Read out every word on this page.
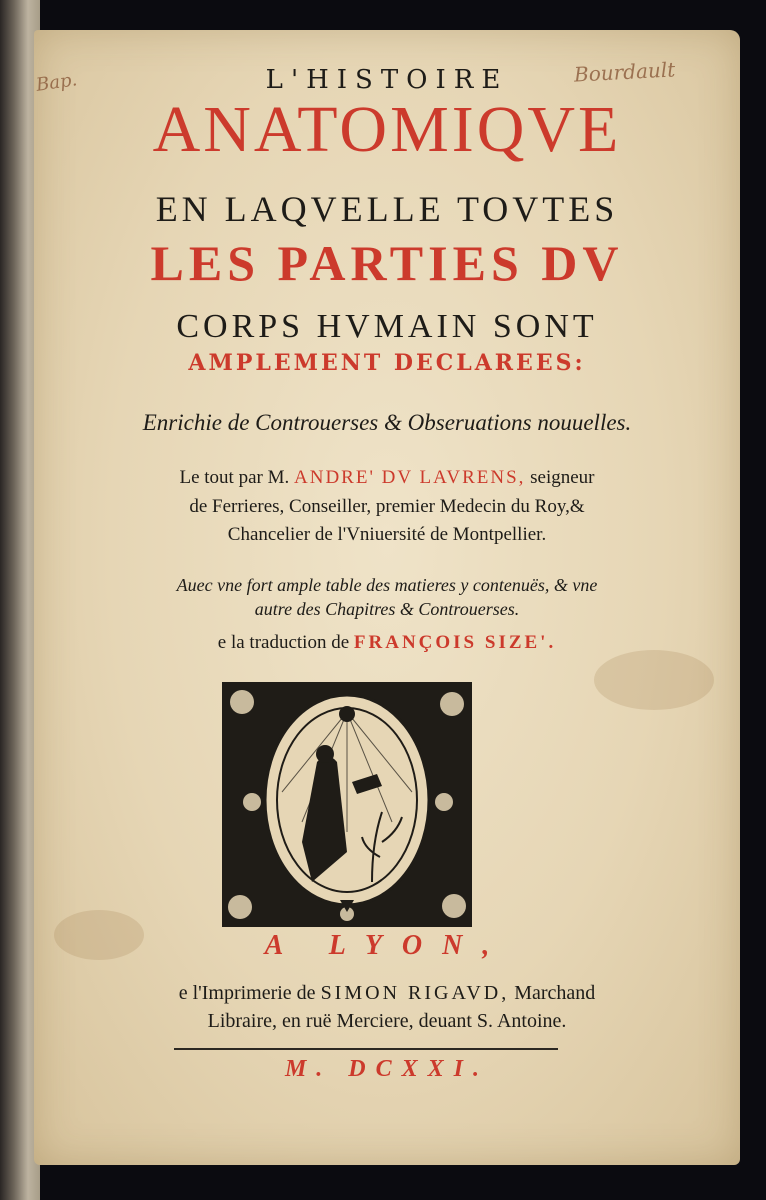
Bap.	Bourdault
L'HISTOIRE
ANATOMIQVE
EN LAQVELLE TOVTES
LES PARTIES DV
CORPS HVMAIN SONT
AMPLEMENT DECLAREES:
Enrichie de Controuerses & Obseruations nouuelles.
Le tout par M. ANDRE' DV LAVRENS, seigneur
de Ferrieres, Conseiller, premier Medecin du Roy,&
Chancelier de l'Vniuersité de Montpellier.
Auec vne fort ample table des matieres y contenuës, & vne
autre des Chapitres & Controuerses.
e la traduction de FRANÇOIS SIZE'.
A LYON,
e l'Imprimerie de SIMON RIGAVD, Marchand
Libraire, en ruë Merciere, deuant S. Antoine.
M. DCXXI.
